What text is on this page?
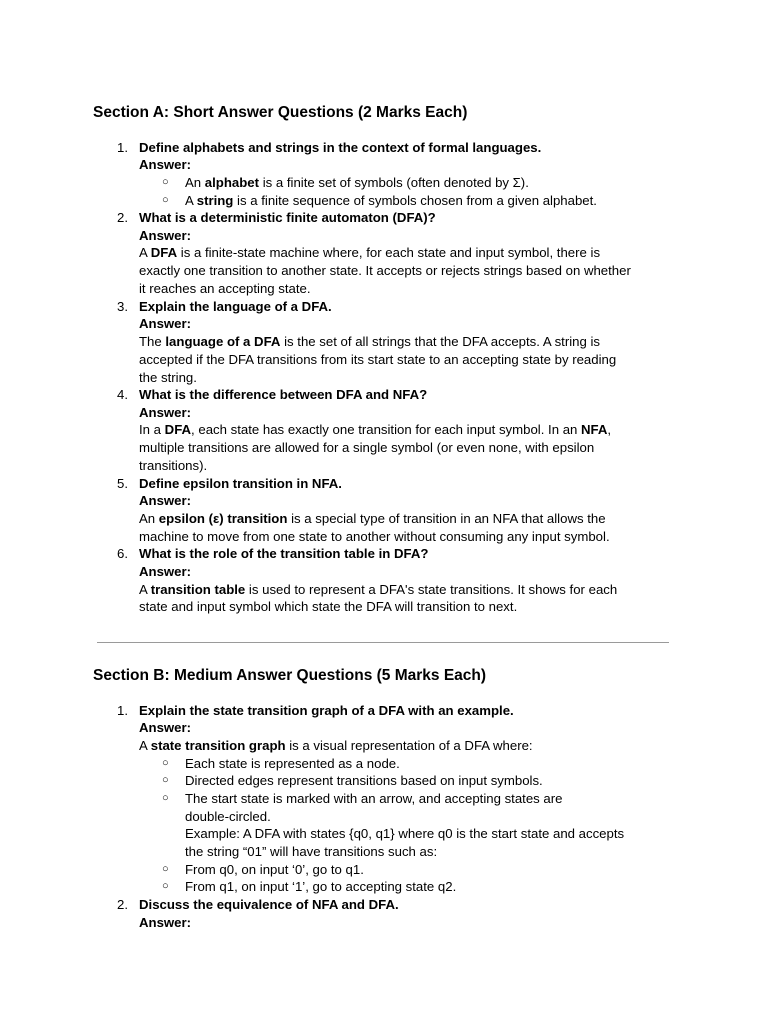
Section A: Short Answer Questions (2 Marks Each)
1. Define alphabets and strings in the context of formal languages.
Answer:
○ An alphabet is a finite set of symbols (often denoted by Σ).
○ A string is a finite sequence of symbols chosen from a given alphabet.
2. What is a deterministic finite automaton (DFA)?
Answer:
A DFA is a finite-state machine where, for each state and input symbol, there is
exactly one transition to another state. It accepts or rejects strings based on whether
it reaches an accepting state.
3. Explain the language of a DFA.
Answer:
The language of a DFA is the set of all strings that the DFA accepts. A string is
accepted if the DFA transitions from its start state to an accepting state by reading
the string.
4. What is the difference between DFA and NFA?
Answer:
In a DFA, each state has exactly one transition for each input symbol. In an NFA,
multiple transitions are allowed for a single symbol (or even none, with epsilon
transitions).
5. Define epsilon transition in NFA.
Answer:
An epsilon (ε) transition is a special type of transition in an NFA that allows the
machine to move from one state to another without consuming any input symbol.
6. What is the role of the transition table in DFA?
Answer:
A transition table is used to represent a DFA's state transitions. It shows for each
state and input symbol which state the DFA will transition to next.
Section B: Medium Answer Questions (5 Marks Each)
1. Explain the state transition graph of a DFA with an example.
Answer:
A state transition graph is a visual representation of a DFA where:
○ Each state is represented as a node.
○ Directed edges represent transitions based on input symbols.
○ The start state is marked with an arrow, and accepting states are
double-circled.
Example: A DFA with states {q0, q1} where q0 is the start state and accepts
the string “01” will have transitions such as:
○ From q0, on input ‘0’, go to q1.
○ From q1, on input ‘1’, go to accepting state q2.
2. Discuss the equivalence of NFA and DFA.
Answer:
